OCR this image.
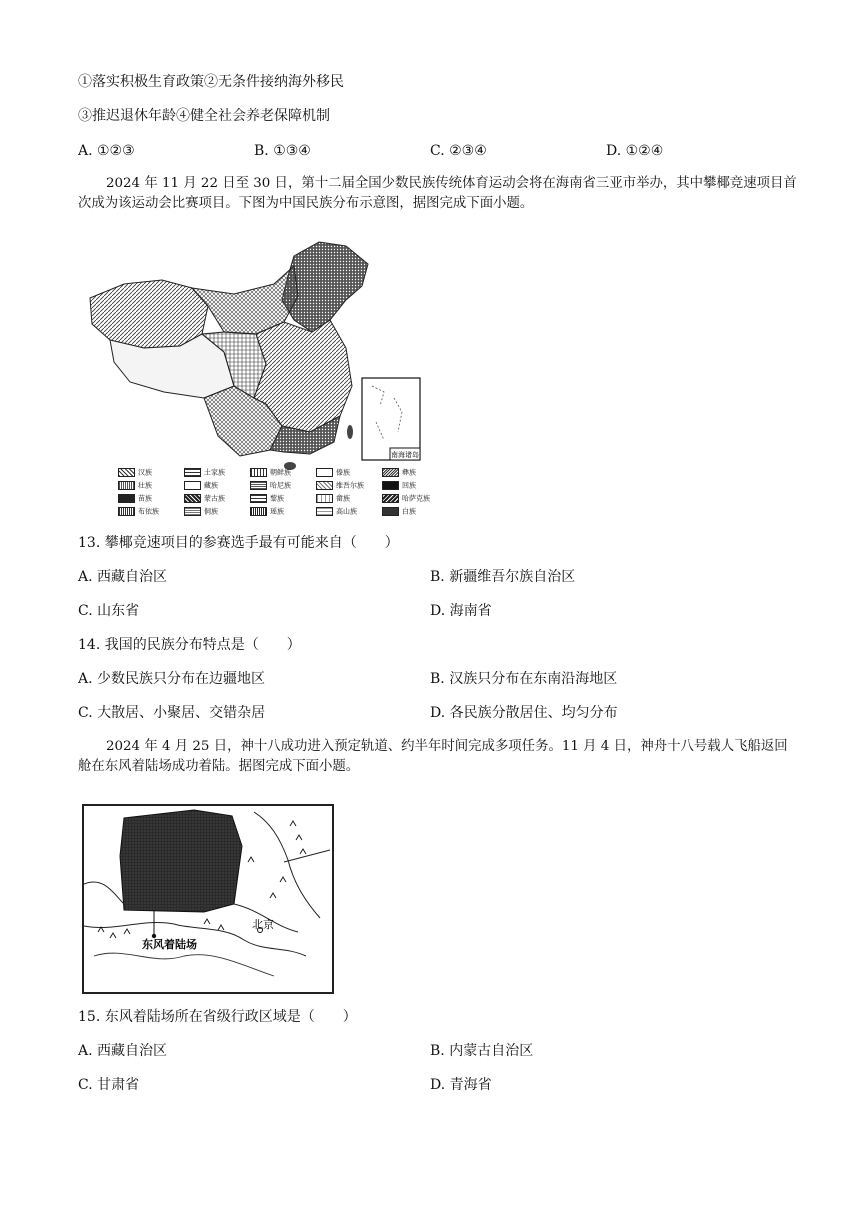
①落实积极生育政策②无条件接纳海外移民
③推迟退休年龄④健全社会养老保障机制
A. ①②③	B. ①③④	C. ②③④	D. ①②④
2024 年 11 月 22 日至 30 日，第十二届全国少数民族传统体育运动会将在海南省三亚市举办，其中攀椰竞速项目首次成为该运动会比赛项目。下图为中国民族分布示意图，据图完成下面小题。
南海诸岛
汉族	土家族	朝鲜族	傣族	彝族
壮族	藏族	哈尼族	维吾尔族	回族
苗族	蒙古族	黎族	畲族	哈萨克族
布依族	侗族	瑶族	高山族	白族
13. 攀椰竞速项目的参赛选手最有可能来自（　　）
A. 西藏自治区	B. 新疆维吾尔族自治区
C. 山东省	D. 海南省
14. 我国的民族分布特点是（　　）
A. 少数民族只分布在边疆地区	B. 汉族只分布在东南沿海地区
C. 大散居、小聚居、交错杂居	D. 各民族分散居住、均匀分布
2024 年 4 月 25 日，神十八成功进入预定轨道、约半年时间完成多项任务。11 月 4 日，神舟十八号载人飞船返回舱在东风着陆场成功着陆。据图完成下面小题。
北京
东风着陆场
15. 东风着陆场所在省级行政区域是（　　）
A. 西藏自治区	B. 内蒙古自治区
C. 甘肃省	D. 青海省
